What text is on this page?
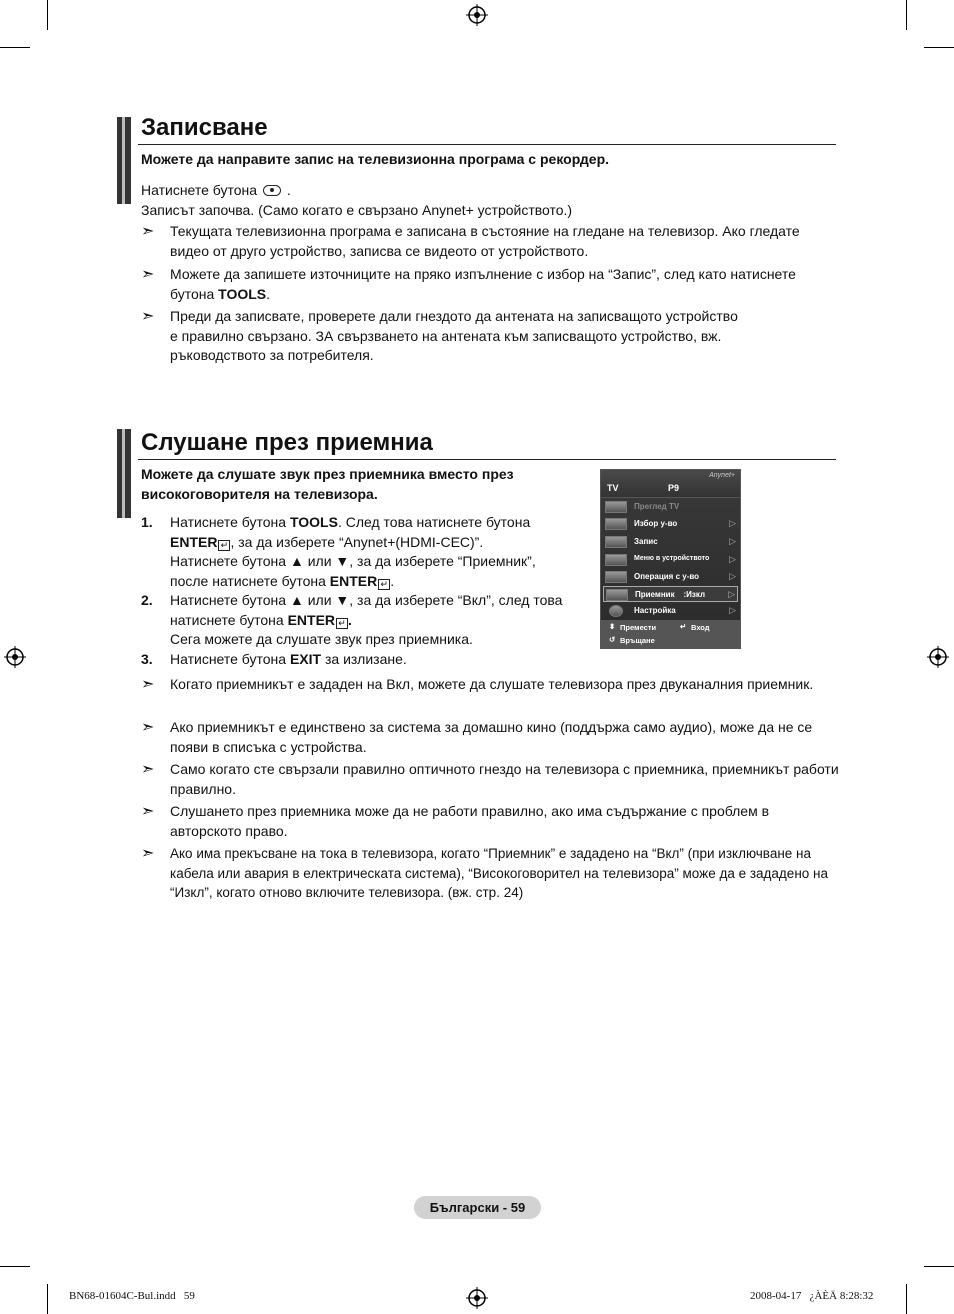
Записване
Можете да направите запис на телевизионна програма с рекордер.
Натиснете бутона .
Записът започва. (Само когато е свързано Anynet+ устройството.)
➣ Текущата телевизионна програма е записана в състояние на гледане на телевизор. Ако гледате видео от друго устройство, записва се видеото от устройството.
➣ Можете да запишете източниците на пряко изпълнение с избор на “Запис”, след като натиснете бутона TOOLS.
➣ Преди да записвате, проверете дали гнездото да антената на записващото устройство
е правилно свързано. ЗА свързването на антената към записващото устройство, вж.
ръководството за потребителя.
Слушане през приемниа
Можете да слушате звук през приемника вместо през
високоговорителя на телевизора.
1. Натиснете бутона TOOLS. След това натиснете бутона
ENTER ↵ , за да изберете “Anynet+(HDMI-CEC)”.
Натиснете бутона ▲ или ▼, за да изберете “Приемник”,
после натиснете бутона ENTER ↵ .
2. Натиснете бутона ▲ или ▼, за да изберете “Вкл”, след това
натиснете бутона ENTER ↵ .
Сега можете да слушате звук през приемника.
3. Натиснете бутона EXIT за излизане.
➣ Когато приемникът е зададен на Вкл, можете да слушате телевизора през двуканалния приемник.
➣ Ако приемникът е единствено за система за домашно кино (поддържа само аудио), може да не се появи в списъка с устройства.
➣ Само когато сте свързали правилно оптичното гнездо на телевизора с приемника, приемникът работи правилно.
➣ Слушането през приемника може да не работи правилно, ако има съдържание с проблем в авторското право.
➣ Ако има прекъсване на тока в телевизора, когато “Приемник” е зададено на “Вкл” (при изключване на кабела или авария в електрическата система), “Високоговорител на телевизора” може да е зададено на “Изкл”, когато отново включите телевизора. (вж. стр. 24)
TV	P9
Anynet+
Преглед TV
Избор у-во	▷
Запис	▷
Меню в устройството ▷
Операция с у-во	▷
Приемник    :Изкл	▷
Настройка	▷
⬍ Премести	↵ Вход
↺ Връщане
Български - 59
BN68-01604C-Bul.indd   59	2008-04-17   ¿ÀÈÄ 8:28:32
